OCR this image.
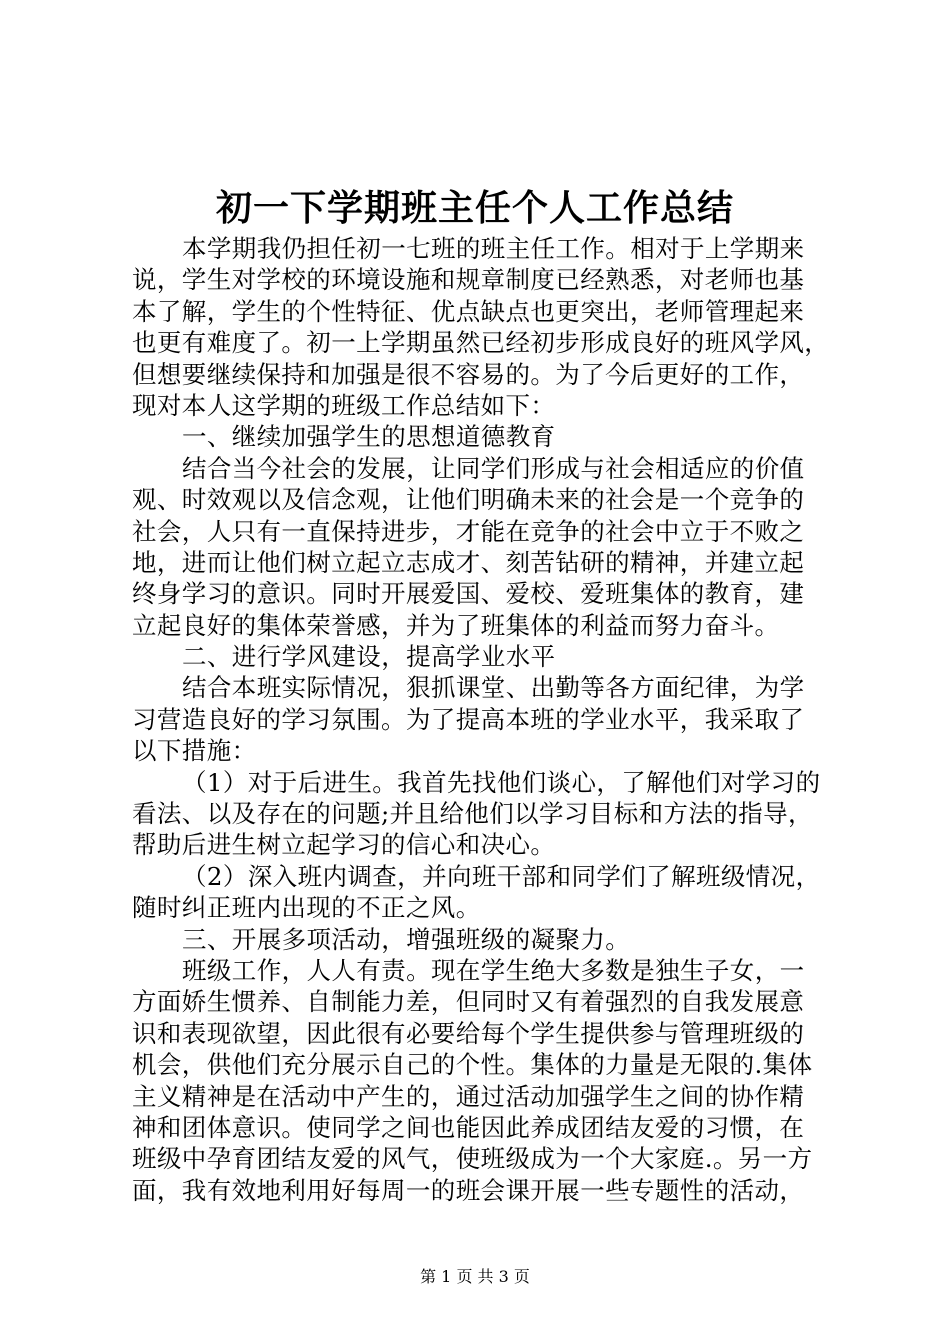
初一下学期班主任个人工作总结
本学期我仍担任初一七班的班主任工作。相对于上学期来
说，学生对学校的环境设施和规章制度已经熟悉，对老师也基
本了解，学生的个性特征、优点缺点也更突出，老师管理起来
也更有难度了。初一上学期虽然已经初步形成良好的班风学风，
但想要继续保持和加强是很不容易的。为了今后更好的工作，
现对本人这学期的班级工作总结如下：
一、继续加强学生的思想道德教育
结合当今社会的发展，让同学们形成与社会相适应的价值
观、时效观以及信念观，让他们明确未来的社会是一个竞争的
社会，人只有一直保持进步，才能在竞争的社会中立于不败之
地，进而让他们树立起立志成才、刻苦钻研的精神，并建立起
终身学习的意识。同时开展爱国、爱校、爱班集体的教育，建
立起良好的集体荣誉感，并为了班集体的利益而努力奋斗。
二、进行学风建设，提高学业水平
结合本班实际情况，狠抓课堂、出勤等各方面纪律，为学
习营造良好的学习氛围。为了提高本班的学业水平，我采取了
以下措施：
（1）对于后进生。我首先找他们谈心，了解他们对学习的
看法、以及存在的问题;并且给他们以学习目标和方法的指导，
帮助后进生树立起学习的信心和决心。
（2）深入班内调查，并向班干部和同学们了解班级情况，
随时纠正班内出现的不正之风。
三、开展多项活动，增强班级的凝聚力。
班级工作，人人有责。现在学生绝大多数是独生子女，一
方面娇生惯养、自制能力差，但同时又有着强烈的自我发展意
识和表现欲望，因此很有必要给每个学生提供参与管理班级的
机会，供他们充分展示自己的个性。集体的力量是无限的.集体
主义精神是在活动中产生的，通过活动加强学生之间的协作精
神和团体意识。使同学之间也能因此养成团结友爱的习惯，在
班级中孕育团结友爱的风气，使班级成为一个大家庭.。另一方
面，我有效地利用好每周一的班会课开展一些专题性的活动，
第 1 页 共 3 页
